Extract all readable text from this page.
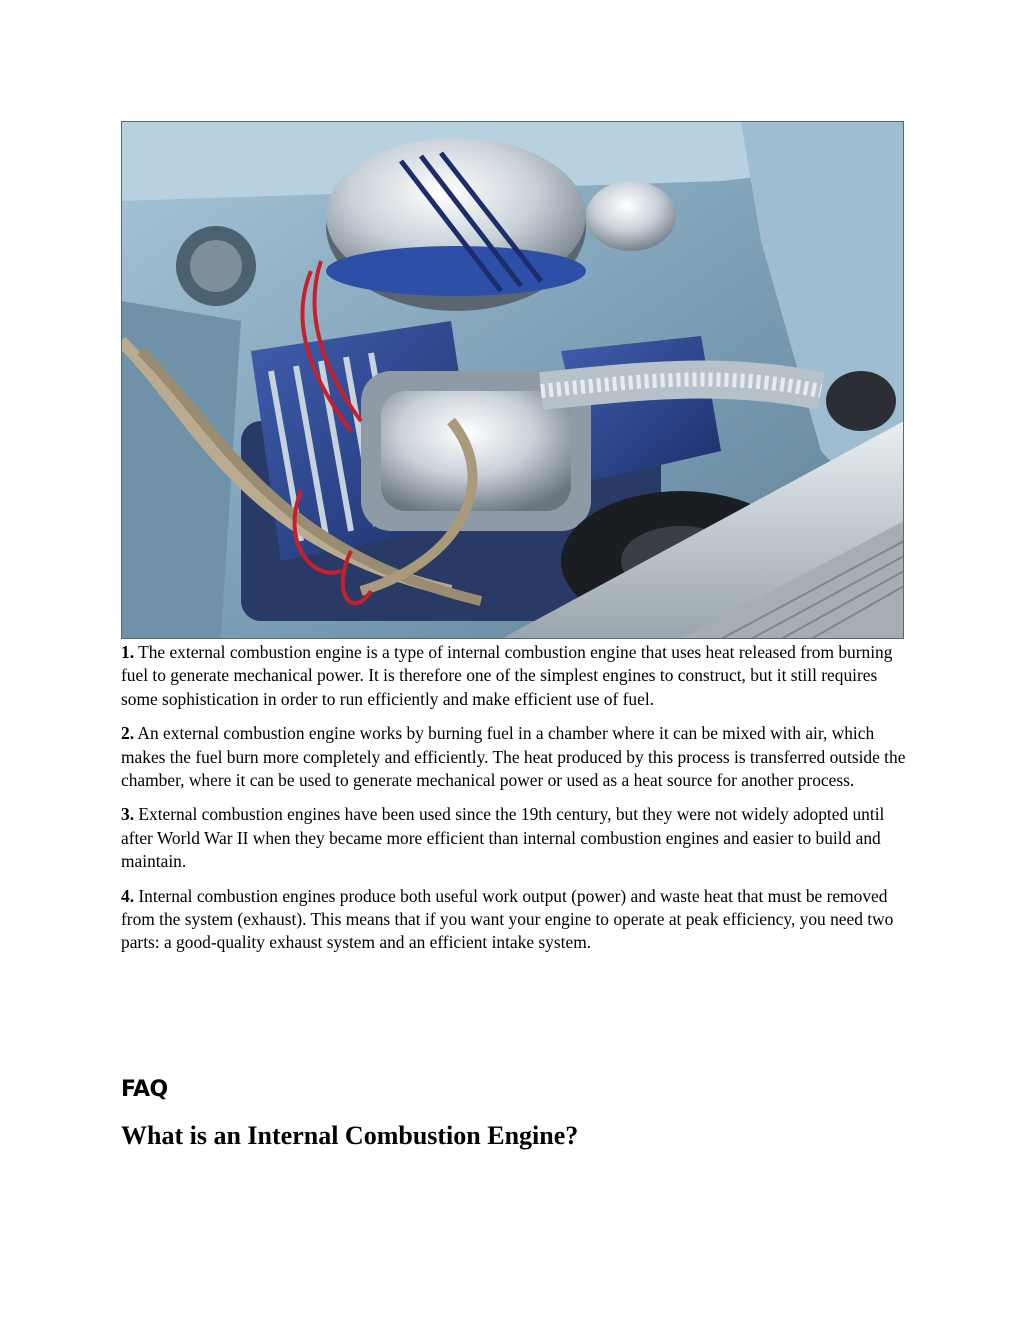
1. The external combustion engine is a type of internal combustion engine that uses heat released from burning fuel to generate mechanical power. It is therefore one of the simplest engines to construct, but it still requires some sophistication in order to run efficiently and make efficient use of fuel.

2. An external combustion engine works by burning fuel in a chamber where it can be mixed with air, which makes the fuel burn more completely and efficiently. The heat produced by this process is transferred outside the chamber, where it can be used to generate mechanical power or used as a heat source for another process.

3. External combustion engines have been used since the 19th century, but they were not widely adopted until after World War II when they became more efficient than internal combustion engines and easier to build and maintain.

4. Internal combustion engines produce both useful work output (power) and waste heat that must be removed from the system (exhaust). This means that if you want your engine to operate at peak efficiency, you need two parts: a good-quality exhaust system and an efficient intake system.

FAQ
What is an Internal Combustion Engine?
